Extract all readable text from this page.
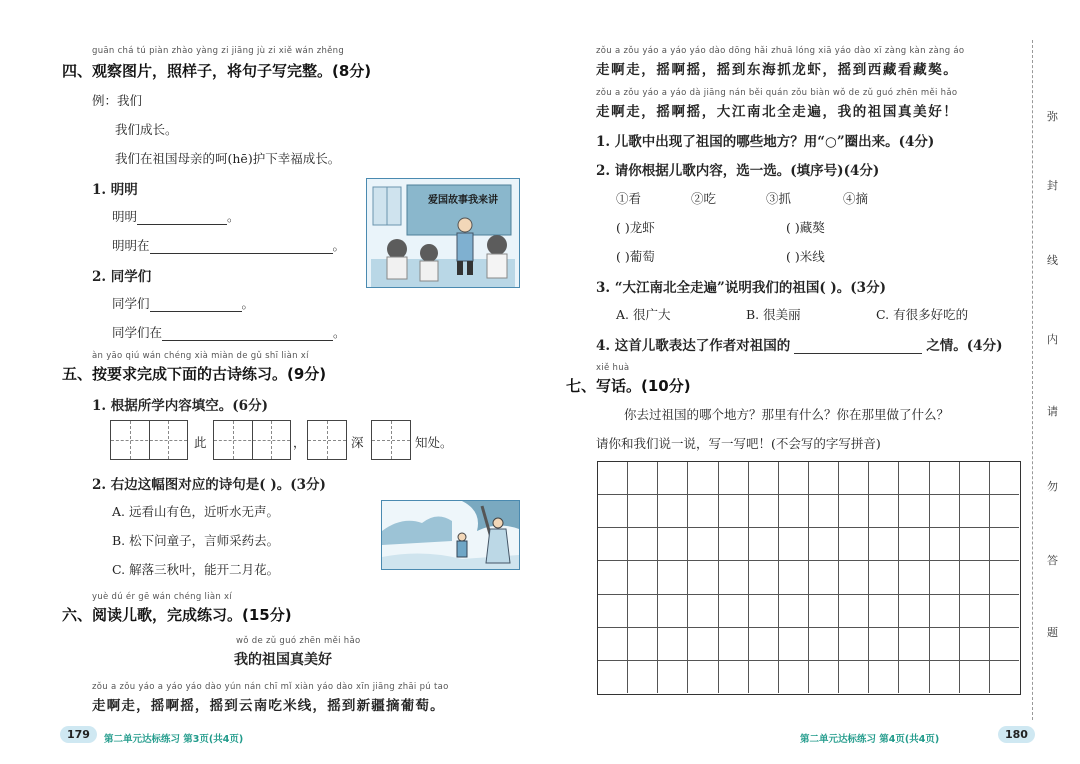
guān chá tú piàn zhào yàng zi jiāng jù zi xiě wán zhěng
四、观察图片，照样子，将句子写完整。(8分)
例：我们
我们成长。
我们在祖国母亲的呵(hē)护下幸福成长。
1. 明明
明明	。
明明在	。
2. 同学们
同学们	。
同学们在	。
爱国故事我来讲
àn yāo qiú wán chéng xià miàn de gǔ shī liàn xí
五、按要求完成下面的古诗练习。(9分)
1. 根据所学内容填空。(6分)
此	，	深	知处。
2. 右边这幅图对应的诗句是( )。(3分)
A. 远看山有色，近听水无声。
B. 松下问童子，言师采药去。
C. 解落三秋叶，能开二月花。
yuè dú ér gē wán chéng liàn xí
六、阅读儿歌，完成练习。(15分)
wǒ de zǔ guó zhēn měi hǎo
我的祖国真美好
zǒu a zǒu yáo a yáo yáo dào yún nán chī mǐ xiàn yáo dào xīn jiāng zhāi pú tao
走啊走，摇啊摇，摇到云南吃米线，摇到新疆摘葡萄。
179	第二单元达标练习 第3页(共4页)
zǒu a zǒu yáo a yáo yáo dào dōng hǎi zhuā lóng xiā yáo dào xī zàng kàn zàng áo
走啊走，摇啊摇，摇到东海抓龙虾，摇到西藏看藏獒。
zǒu a zǒu yáo a yáo dà jiāng nán běi quán zǒu biàn wǒ de zǔ guó zhēn měi hǎo
走啊走，摇啊摇，大江南北全走遍，我的祖国真美好！
1. 儿歌中出现了祖国的哪些地方？用“○”圈出来。(4分)
2. 请你根据儿歌内容，选一选。(填序号)(4分)
①看	②吃	③抓	④摘
( )龙虾	( )藏獒
( )葡萄	( )米线
3. “大江南北全走遍”说明我们的祖国( )。(3分)
A. 很广大	B. 很美丽	C. 有很多好吃的
4. 这首儿歌表达了作者对祖国的	之情。(4分)
xiě huà
七、写话。(10分)
你去过祖国的哪个地方？那里有什么？你在那里做了什么？
请你和我们说一说，写一写吧！(不会写的字写拼音)
第二单元达标练习 第4页(共4页)	180
弥
封
线
内
请
勿
答
题
